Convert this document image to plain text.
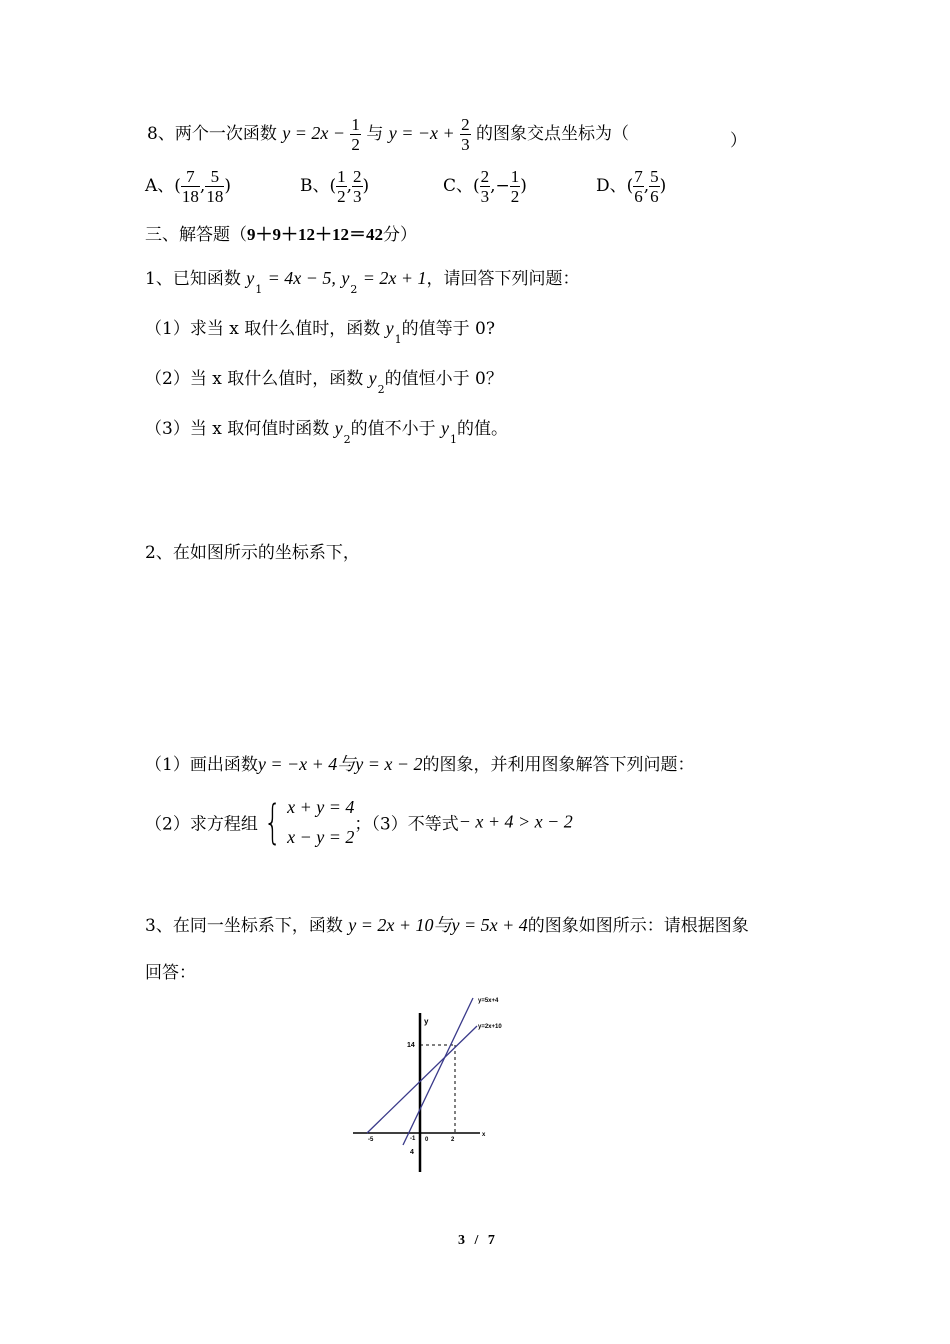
8、两个一次函数 $y = 2x - \frac{1}{2}$ 与 $y = -x + \frac{2}{3}$ 的图象交点坐标为（	）
A、( $\frac{7}{18}$ , $\frac{5}{18}$ )	B、( $\frac{1}{2}$ , $\frac{2}{3}$ )	C、( $\frac{2}{3}$ ,− $\frac{1}{2}$ )	D、( $\frac{7}{6}$ , $\frac{5}{6}$ )
三、解答题（9＋9＋12＋12＝42分）
1、已知函数 $y_1 = 4x - 5$, $y_2 = 2x + 1$，请回答下列问题：
（1）求当 x 取什么值时，函数 $y_1$的值等于 0?
（2）当 x 取什么值时，函数 $y_2$的值恒小于 0？
（3）当 x 取何值时函数 $y_2$的值不小于 $y_1$的值。
2、在如图所示的坐标系下，
（1）画出函数y = −x + 4与y = x − 2的图象，并利用图象解答下列问题：
（2）求方程组 { x + y = 4
x − y = 2
；（3）不等式− x + 4 > x − 2
3、在同一坐标系下，函数 y = 2x + 10与y = 5x + 4的图象如图所示：请根据图象
回答：
y=5x+4
y=2x+10
y
x
14
-5	-1 0	2
4
3 / 7
